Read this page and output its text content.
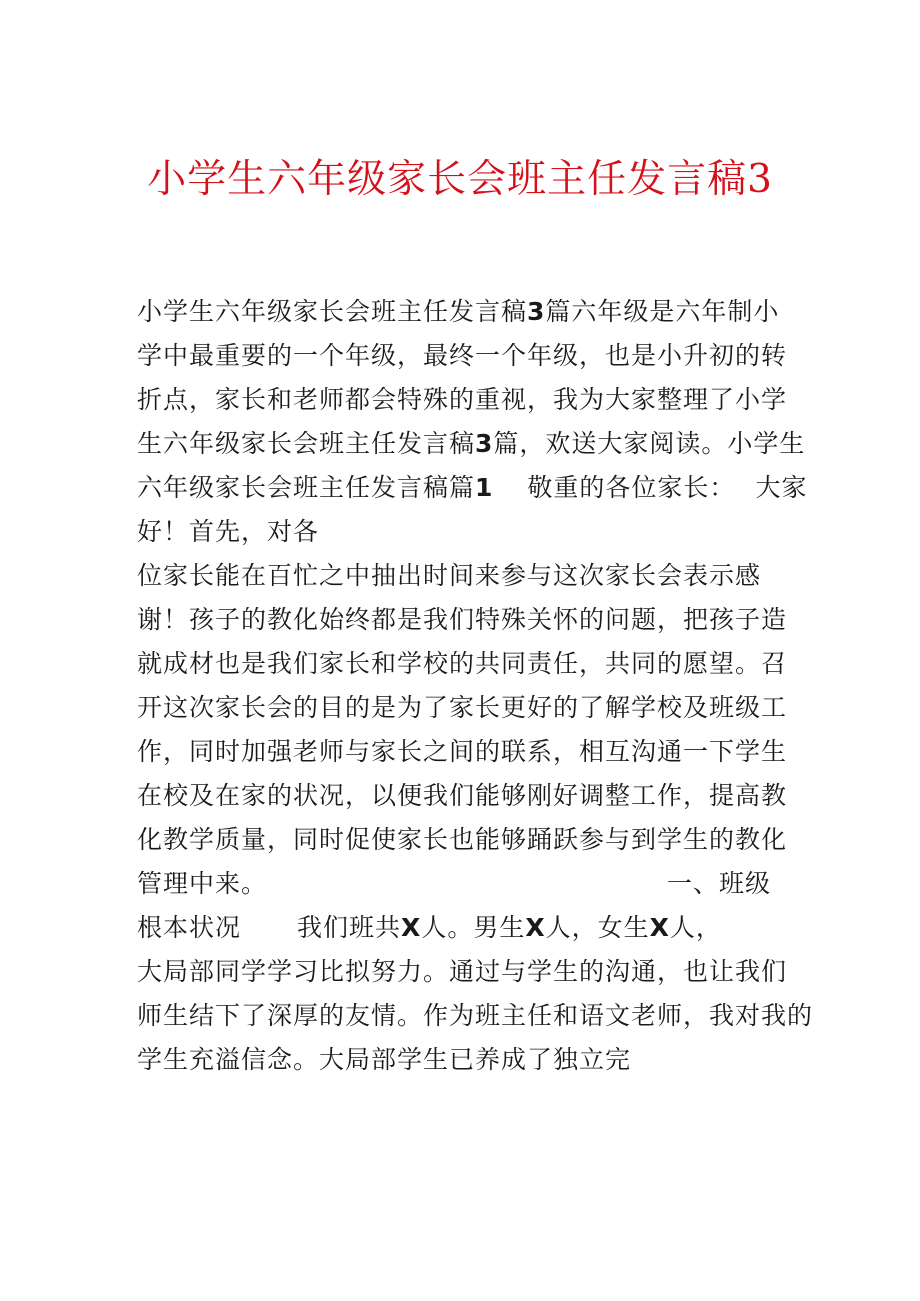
小学生六年级家长会班主任发言稿3
小学生六年级家长会班主任发言稿3篇六年级是六年制小
学中最重要的一个年级，最终一个年级，也是小升初的转
折点，家长和老师都会特殊的重视，我为大家整理了小学
生六年级家长会班主任发言稿3篇，欢送大家阅读。小学生
六年级家长会班主任发言稿篇1 敬重的各位家长： 大家
好！首先，对各
位家长能在百忙之中抽出时间来参与这次家长会表示感
谢！孩子的教化始终都是我们特殊关怀的问题，把孩子造
就成材也是我们家长和学校的共同责任，共同的愿望。召
开这次家长会的目的是为了家长更好的了解学校及班级工
作，同时加强老师与家长之间的联系，相互沟通一下学生
在校及在家的状况，以便我们能够刚好调整工作，提高教
化教学质量，同时促使家长也能够踊跃参与到学生的教化
管理中来。	一、班级
根本状况 我们班共X人。男生X人，女生X人，
大局部同学学习比拟努力。通过与学生的沟通，也让我们
师生结下了深厚的友情。作为班主任和语文老师，我对我的
学生充溢信念。大局部学生已养成了独立完
